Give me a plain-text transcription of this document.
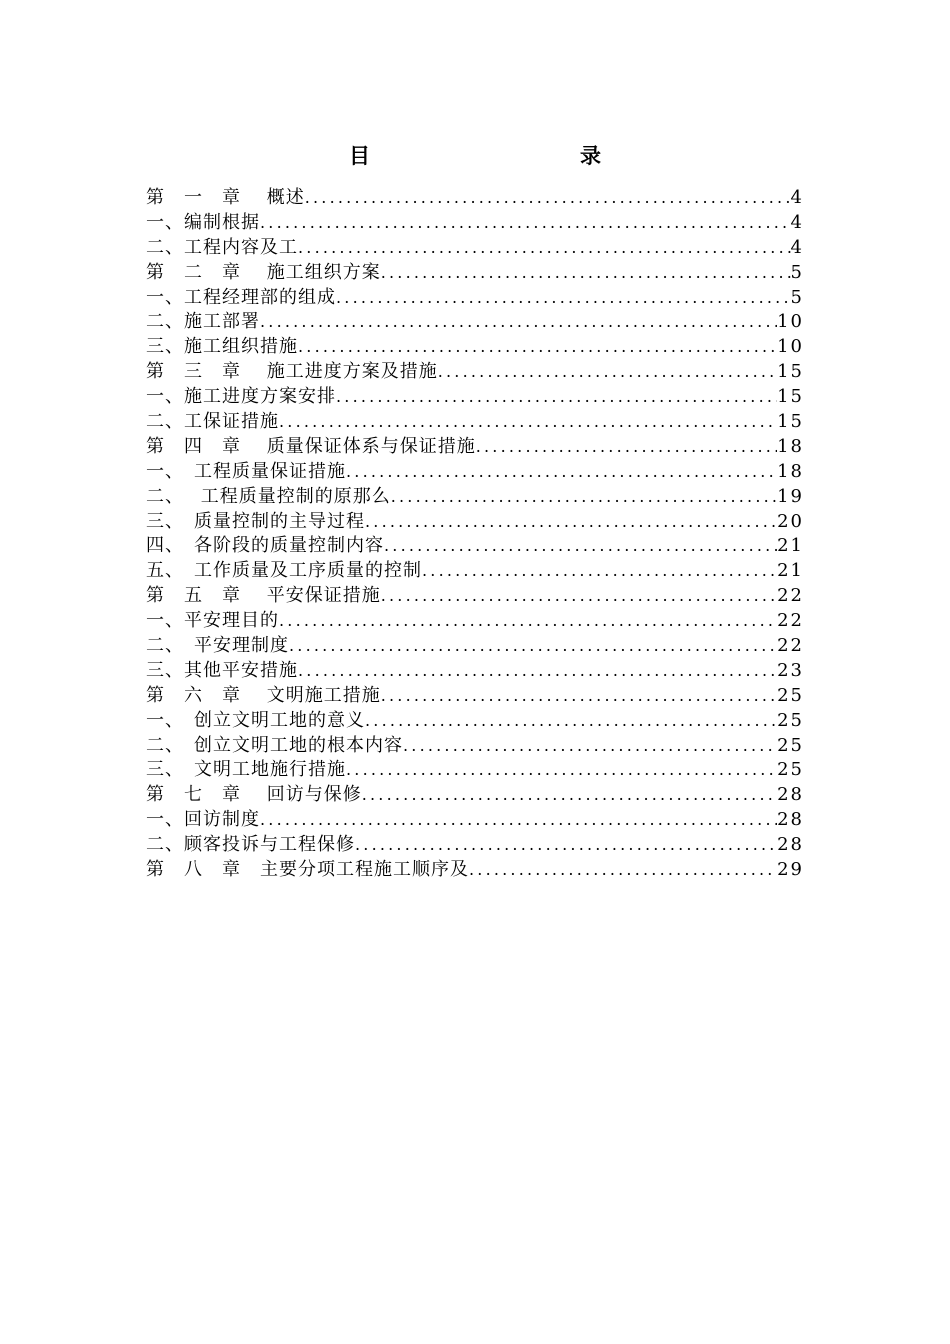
目　　录
第　一　章　 概述 .....	4
一、编制根据 .....	4
二、工程内容及工 .....	4
第　二　章　 施工组织方案 .....	5
一、工程经理部的组成 .....	5
二、施工部署 .....	10
三、施工组织措施 .....	10
第　三　章　 施工进度方案及措施 .....	15
一、施工进度方案安排 .....	15
二、工保证措施 .....	15
第　四　章　 质量保证体系与保证措施 .....	18
一、　工程质量保证措施 .....	18
二、　 工程质量控制的原那么 .....	19
三、　质量控制的主导过程 .....	20
四、　各阶段的质量控制内容 .....	21
五、　工作质量及工序质量的控制 .....	21
第　五　章　 平安保证措施 .....	22
一、平安理目的 .....	22
二、　平安理制度 .....	22
三、其他平安措施 .....	23
第　六　章　 文明施工措施 .....	25
一、　创立文明工地的意义 .....	25
二、　创立文明工地的根本内容 .....	25
三、　文明工地施行措施 .....	25
第　七　章　 回访与保修 .....	28
一、回访制度 .....	28
二、顾客投诉与工程保修 .....	28
第　八　章　主要分项工程施工顺序及 .....	29
